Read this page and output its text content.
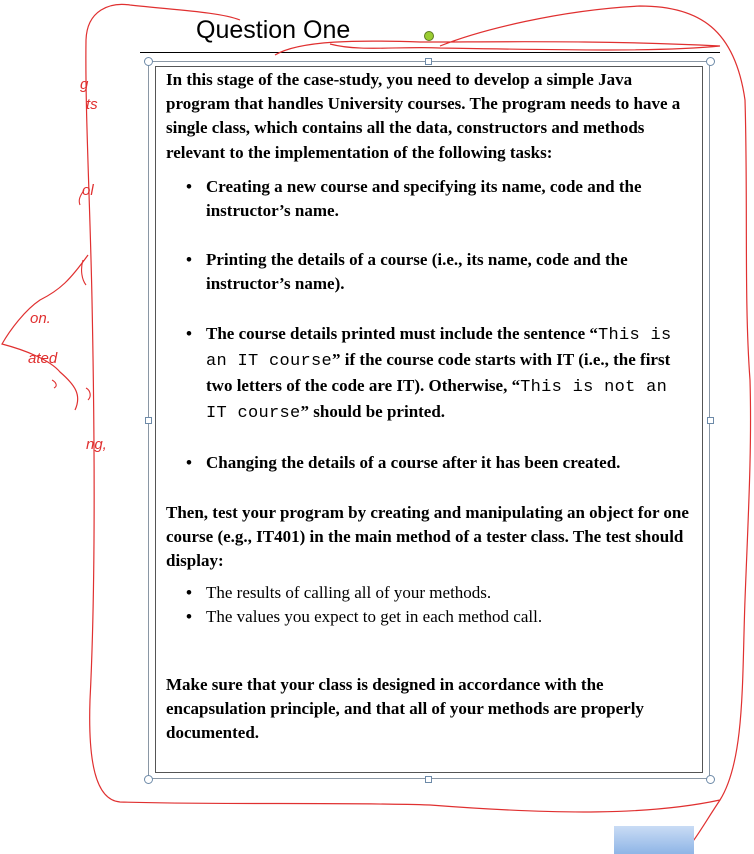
Question One

In this stage of the case-study, you need to develop a simple Java program that handles University courses. The program needs to have a single class, which contains all the data, constructors and methods relevant to the implementation of the following tasks:

• Creating a new course and specifying its name, code and the instructor’s name.
• Printing the details of a course (i.e., its name, code and the instructor’s name).
• The course details printed must include the sentence “This is an IT course” if the course code starts with IT (i.e., the first two letters of the code are IT). Otherwise, “This is not an IT course” should be printed.
• Changing the details of a course after it has been created.

Then, test your program by creating and manipulating an object for one course (e.g., IT401) in the main method of a tester class. The test should display:

• The results of calling all of your methods.
• The values you expect to get in each method call.

Make sure that your class is designed in accordance with the encapsulation principle, and that all of your methods are properly documented.

g
ts
ol
on.
ated
ng,
